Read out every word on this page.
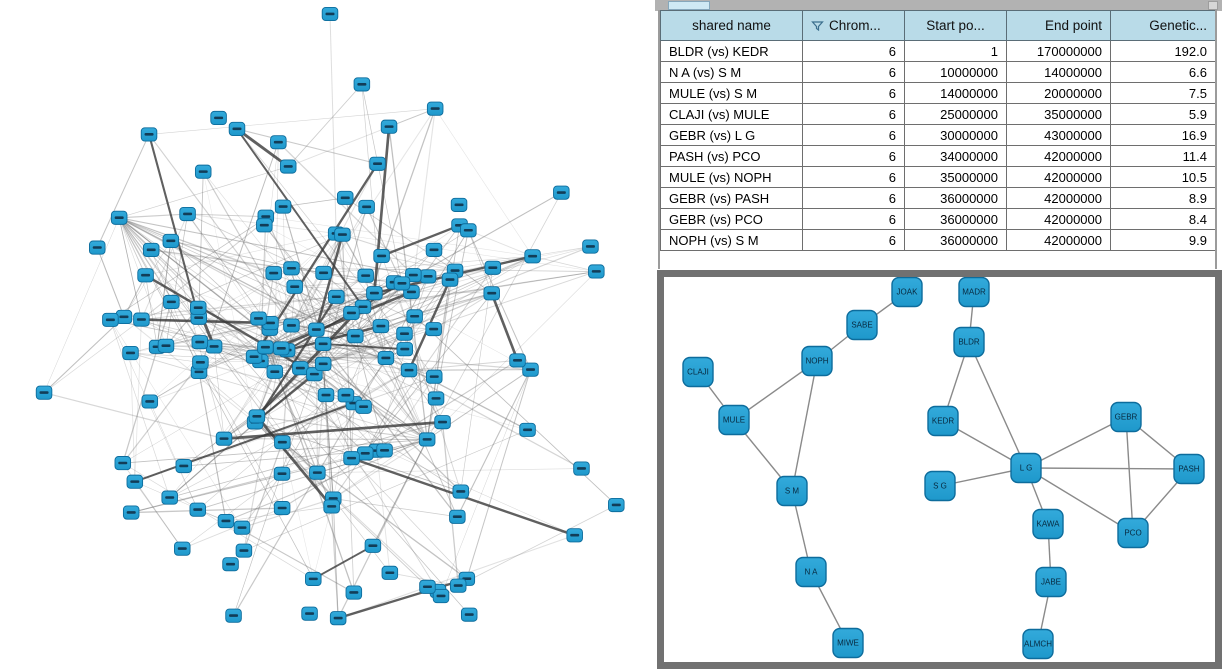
shared name	Chrom...	Start po...	End point	Genetic...
BLDR (vs) KEDR	6	1	170000000	192.0
N A (vs) S M	6	10000000	14000000	6.6
MULE (vs) S M	6	14000000	20000000	7.5
CLAJI (vs) MULE	6	25000000	35000000	5.9
GEBR (vs) L G	6	30000000	43000000	16.9
PASH (vs) PCO	6	34000000	42000000	11.4
MULE (vs) NOPH	6	35000000	42000000	10.5
GEBR (vs) PASH	6	36000000	42000000	8.9
GEBR (vs) PCO	6	36000000	42000000	8.4
NOPH (vs) S M	6	36000000	42000000	9.9
JOAK
SABE
NOPH
CLAJI
MULE
S M
N A
MIWE
MADR
BLDR
KEDR
S G
L G
KAWA
JABE
ALMCH
GEBR
PASH
PCO
